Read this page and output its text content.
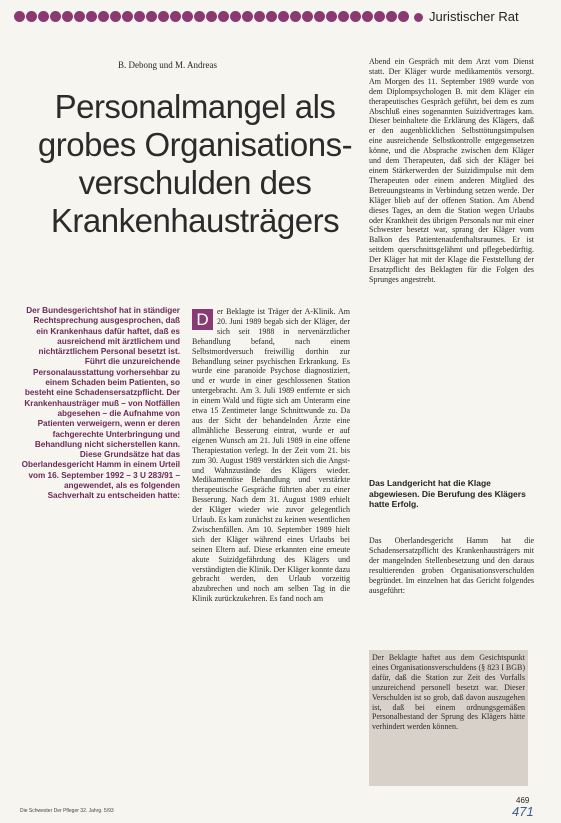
Juristischer Rat
B. Debong und M. Andreas
Personalmangel als
grobes Organisations-
verschulden des
Krankenhausträgers
Der Bundesgerichtshof hat in ständiger Rechtsprechung ausgesprochen, daß ein Krankenhaus dafür haftet, daß es ausreichend mit ärztlichem und nichtärztlichem Personal besetzt ist. Führt die unzureichende Personalausstattung vorhersehbar zu einem Schaden beim Patienten, so besteht eine Schadensersatzpflicht. Der Krankenhausträger muß – von Notfällen abgesehen – die Aufnahme von Patienten verweigern, wenn er deren fachgerechte Unterbringung und Behandlung nicht sicherstellen kann. Diese Grundsätze hat das Oberlandesgericht Hamm in einem Urteil vom 16. September 1992 – 3 U 283/91 – angewendet, als es folgenden Sachverhalt zu entscheiden hatte:
D	er Beklagte ist Träger der A-Klinik. Am 20. Juni 1989 begab sich der Kläger, der sich seit 1988 in nervenärztlicher Behandlung befand, nach einem Selbstmordversuch freiwillig dorthin zur Behandlung seiner psychischen Erkrankung. Es wurde eine paranoide Psychose diagnostiziert, und er wurde in einer geschlossenen Station untergebracht. Am 3. Juli 1989 entfernte er sich in einem Wald und fügte sich am Unterarm eine etwa 15 Zentimeter lange Schnittwunde zu. Da aus der Sicht der behandelnden Ärzte eine allmähliche Besserung eintrat, wurde er auf eigenen Wunsch am 21. Juli 1989 in eine offene Therapiestation verlegt. In der Zeit vom 21. bis zum 30. August 1989 verstärkten sich die Angst- und Wahnzustände des Klägers wieder. Medikamentöse Behandlung und verstärkte therapeutische Gespräche führten aber zu einer Besserung. Nach dem 31. August 1989 erhielt der Kläger wieder wie zuvor gelegentlich Urlaub. Es kam zunächst zu keinen wesentlichen Zwischenfällen. Am 10. September 1989 hielt sich der Kläger während eines Urlaubs bei seinen Eltern auf. Diese erkannten eine erneute akute Suizidgefährdung des Klägers und verständigten die Klinik. Der Kläger konnte dazu gebracht werden, den Urlaub vorzeitig abzubrechen und noch am selben Tag in die Klinik zurückzukehren. Es fand noch am

Abend ein Gespräch mit dem Arzt vom Dienst statt. Der Kläger wurde medikamentös versorgt. Am Morgen des 11. September 1989 wurde von dem Diplompsychologen B. mit dem Kläger ein therapeutisches Gespräch geführt, bei dem es zum Abschluß eines sogenannten Suizidvertrages kam. Dieser beinhaltete die Erklärung des Klägers, daß er den augenblicklichen Selbsttötungsimpulsen eine ausreichende Selbstkontrolle entgegensetzen könne, und die Absprache zwischen dem Kläger und dem Therapeuten, daß sich der Kläger bei einem Stärkerwerden der Suizidimpulse mit dem Therapeuten oder einem anderen Mitglied des Betreuungsteams in Verbindung setzen werde. Der Kläger blieb auf der offenen Station. Am Abend dieses Tages, an dem die Station wegen Urlaubs oder Krankheit des übrigen Personals nur mit einer Schwester besetzt war, sprang der Kläger vom Balkon des Patientenaufenthaltsraumes. Er ist seitdem querschnittsgelähmt und pflegebedürftig. Der Kläger hat mit der Klage die Feststellung der Ersatzpflicht des Beklagten für die Folgen des Sprunges angestrebt.

Das Landgericht hat die Klage abgewiesen. Die Berufung des Klägers hatte Erfolg.

Das Oberlandesgericht Hamm hat die Schadensersatzpflicht des Krankenhausträgers mit der mangelnden Stellenbesetzung und den daraus resultierenden groben Organisationsverschulden begründet. Im einzelnen hat das Gericht folgendes ausgeführt:

Der Beklagte haftet aus dem Gesichtspunkt eines Organisationsverschuldens (§ 823 I BGB) dafür, daß die Station zur Zeit des Vorfalls unzureichend personell besetzt war. Dieser Verschulden ist so grob, daß davon auszugehen ist, daß bei einem ordnungsgemäßen Personalbestand der Sprung des Klägers hätte verhindert werden können.
Die Schwester Der Pfleger 32. Jahrg. 5/93
469
471
